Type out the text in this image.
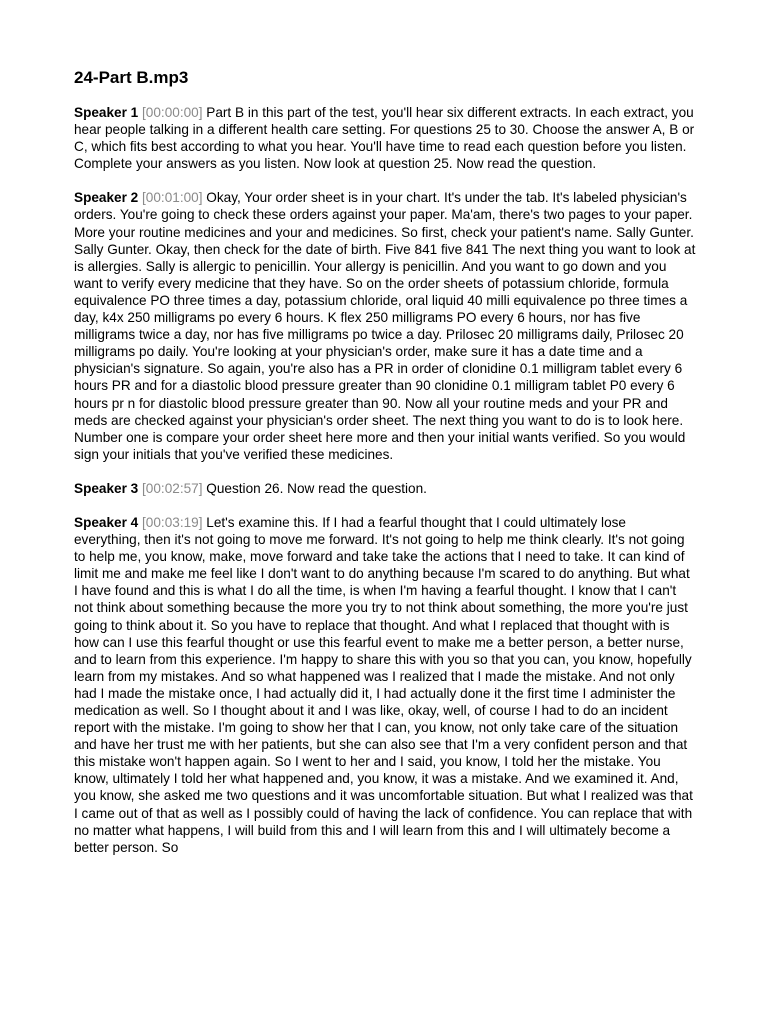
24-Part B.mp3

Speaker 1 [00:00:00] Part B in this part of the test, you'll hear six different extracts. In each extract, you hear people talking in a different health care setting. For questions 25 to 30. Choose the answer A, B or C, which fits best according to what you hear. You'll have time to read each question before you listen. Complete your answers as you listen. Now look at question 25. Now read the question.

Speaker 2 [00:01:00] Okay, Your order sheet is in your chart. It's under the tab. It's labeled physician's orders. You're going to check these orders against your paper. Ma'am, there's two pages to your paper. More your routine medicines and your and medicines. So first, check your patient's name. Sally Gunter. Sally Gunter. Okay, then check for the date of birth. Five 841 five 841 The next thing you want to look at is allergies. Sally is allergic to penicillin. Your allergy is penicillin. And you want to go down and you want to verify every medicine that they have. So on the order sheets of potassium chloride, formula equivalence PO three times a day, potassium chloride, oral liquid 40 milli equivalence po three times a day, k4x 250 milligrams po every 6 hours. K flex 250 milligrams PO every 6 hours, nor has five milligrams twice a day, nor has five milligrams po twice a day. Prilosec 20 milligrams daily, Prilosec 20 milligrams po daily. You're looking at your physician's order, make sure it has a date time and a physician's signature. So again, you're also has a PR in order of clonidine 0.1 milligram tablet every 6 hours PR and for a diastolic blood pressure greater than 90 clonidine 0.1 milligram tablet P0 every 6 hours pr n for diastolic blood pressure greater than 90. Now all your routine meds and your PR and meds are checked against your physician's order sheet. The next thing you want to do is to look here. Number one is compare your order sheet here more and then your initial wants verified. So you would sign your initials that you've verified these medicines.

Speaker 3 [00:02:57] Question 26. Now read the question.

Speaker 4 [00:03:19] Let's examine this. If I had a fearful thought that I could ultimately lose everything, then it's not going to move me forward. It's not going to help me think clearly. It's not going to help me, you know, make, move forward and take take the actions that I need to take. It can kind of limit me and make me feel like I don't want to do anything because I'm scared to do anything. But what I have found and this is what I do all the time, is when I'm having a fearful thought. I know that I can't not think about something because the more you try to not think about something, the more you're just going to think about it. So you have to replace that thought. And what I replaced that thought with is how can I use this fearful thought or use this fearful event to make me a better person, a better nurse, and to learn from this experience. I'm happy to share this with you so that you can, you know, hopefully learn from my mistakes. And so what happened was I realized that I made the mistake. And not only had I made the mistake once, I had actually did it, I had actually done it the first time I administer the medication as well. So I thought about it and I was like, okay, well, of course I had to do an incident report with the mistake. I'm going to show her that I can, you know, not only take care of the situation and have her trust me with her patients, but she can also see that I'm a very confident person and that this mistake won't happen again. So I went to her and I said, you know, I told her the mistake. You know, ultimately I told her what happened and, you know, it was a mistake. And we examined it. And, you know, she asked me two questions and it was uncomfortable situation. But what I realized was that I came out of that as well as I possibly could of having the lack of confidence. You can replace that with no matter what happens, I will build from this and I will learn from this and I will ultimately become a better person. So
